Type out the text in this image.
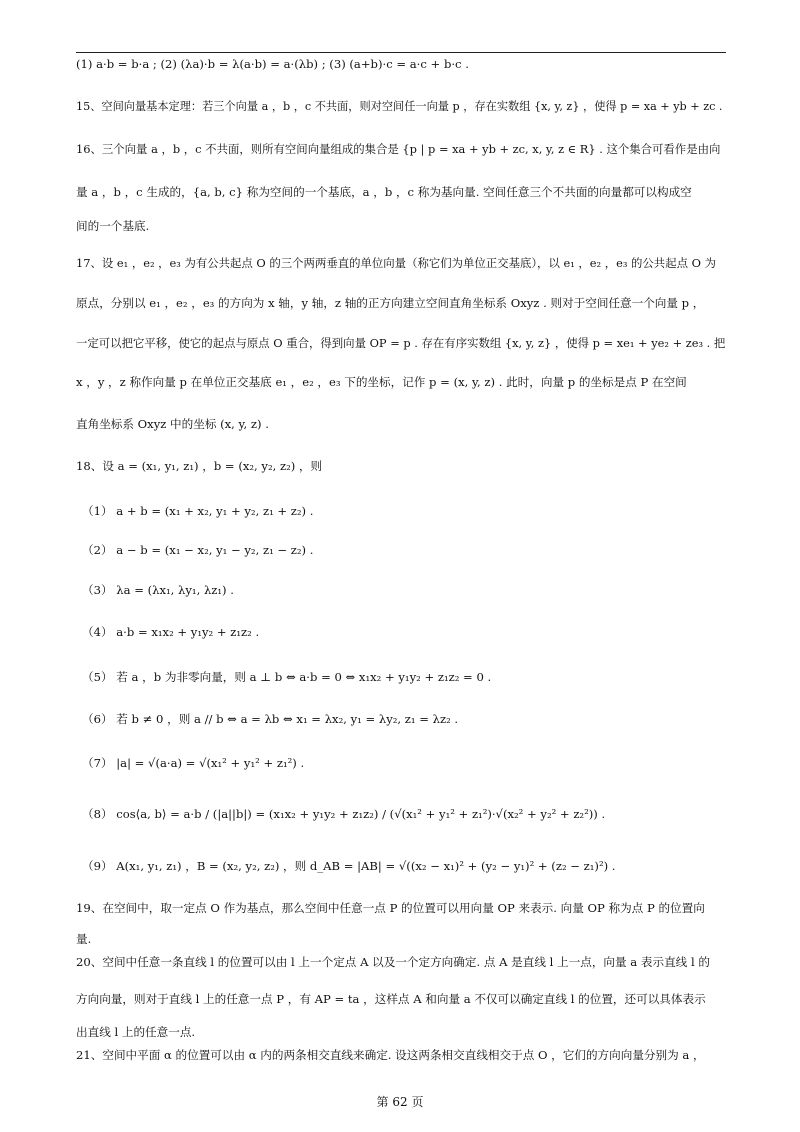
(1) a·b = b·a ; (2) (λa)·b = λ(a·b) = a·(λb) ; (3) (a+b)·c = a·c + b·c .
15、空间向量基本定理：若三个向量 a ，b ，c 不共面，则对空间任一向量 p ，存在实数组 {x, y, z} ，使得 p = xa + yb + zc .
16、三个向量 a ，b ，c 不共面，则所有空间向量组成的集合是 {p | p = xa + yb + zc, x, y, z ∈ R} . 这个集合可看作是由向
量 a ，b ，c 生成的，{a, b, c} 称为空间的一个基底，a ，b ，c 称为基向量. 空间任意三个不共面的向量都可以构成空
间的一个基底.
17、设 e₁ ，e₂ ，e₃ 为有公共起点 O 的三个两两垂直的单位向量（称它们为单位正交基底），以 e₁ ，e₂ ，e₃ 的公共起点 O 为
原点，分别以 e₁ ，e₂ ，e₃ 的方向为 x 轴，y 轴，z 轴的正方向建立空间直角坐标系 Oxyz . 则对于空间任意一个向量 p ，
一定可以把它平移，使它的起点与原点 O 重合，得到向量 OP = p . 存在有序实数组 {x, y, z} ，使得 p = xe₁ + ye₂ + ze₃ . 把
x ，y ，z 称作向量 p 在单位正交基底 e₁ ，e₂ ，e₃ 下的坐标，记作 p = (x, y, z) . 此时，向量 p 的坐标是点 P 在空间
直角坐标系 Oxyz 中的坐标 (x, y, z) .
18、设 a = (x₁, y₁, z₁) ，b = (x₂, y₂, z₂) ，则
（1） a + b = (x₁ + x₂, y₁ + y₂, z₁ + z₂) .
（2） a − b = (x₁ − x₂, y₁ − y₂, z₁ − z₂) .
（3） λa = (λx₁, λy₁, λz₁) .
（4） a·b = x₁x₂ + y₁y₂ + z₁z₂ .
（5） 若 a ，b 为非零向量，则 a ⊥ b ⇔ a·b = 0 ⇔ x₁x₂ + y₁y₂ + z₁z₂ = 0 .
（6） 若 b ≠ 0 ，则 a // b ⇔ a = λb ⇔ x₁ = λx₂, y₁ = λy₂, z₁ = λz₂ .
（7） |a| = √(a·a) = √(x₁² + y₁² + z₁²) .
（8） cos⟨a, b⟩ = a·b / (|a||b|) = (x₁x₂ + y₁y₂ + z₁z₂) / (√(x₁² + y₁² + z₁²)·√(x₂² + y₂² + z₂²)) .
（9） A(x₁, y₁, z₁) ，B = (x₂, y₂, z₂) ，则 d_AB = |AB| = √((x₂ − x₁)² + (y₂ − y₁)² + (z₂ − z₁)²) .
19、在空间中，取一定点 O 作为基点，那么空间中任意一点 P 的位置可以用向量 OP 来表示. 向量 OP 称为点 P 的位置向
量.
20、空间中任意一条直线 l 的位置可以由 l 上一个定点 A 以及一个定方向确定. 点 A 是直线 l 上一点，向量 a 表示直线 l 的
方向向量，则对于直线 l 上的任意一点 P ，有 AP = ta ，这样点 A 和向量 a 不仅可以确定直线 l 的位置，还可以具体表示
出直线 l 上的任意一点.
21、空间中平面 α 的位置可以由 α 内的两条相交直线来确定. 设这两条相交直线相交于点 O ，它们的方向向量分别为 a ，
第 62 页
